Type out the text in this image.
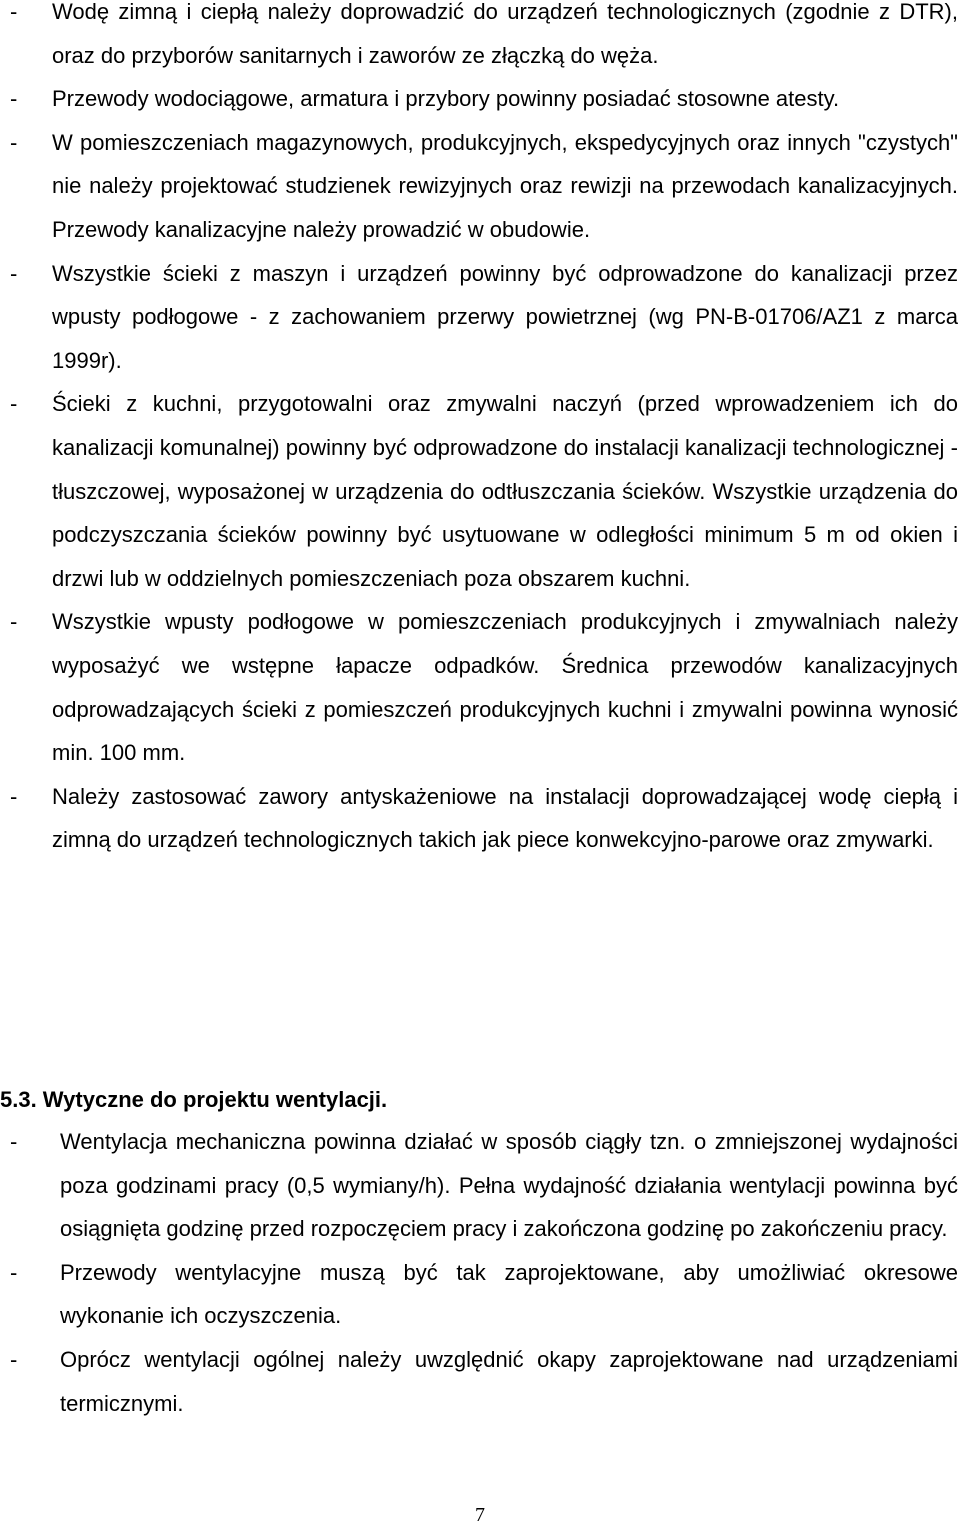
- Wodę zimną i ciepłą należy doprowadzić do urządzeń technologicznych (zgodnie z DTR), oraz do przyborów sanitarnych i zaworów ze złączką do węża.
- Przewody wodociągowe, armatura i przybory powinny posiadać stosowne atesty.
- W pomieszczeniach magazynowych, produkcyjnych, ekspedycyjnych oraz innych "czystych" nie należy projektować studzienek rewizyjnych oraz rewizji na przewodach kanalizacyjnych. Przewody kanalizacyjne należy prowadzić w obudowie.
- Wszystkie ścieki z maszyn i urządzeń powinny być odprowadzone do kanalizacji przez wpusty podłogowe - z zachowaniem przerwy powietrznej (wg PN-B-01706/AZ1 z marca 1999r).
- Ścieki z kuchni, przygotowalni oraz zmywalni naczyń (przed wprowadzeniem ich do kanalizacji komunalnej) powinny być odprowadzone do instalacji kanalizacji technologicznej - tłuszczowej, wyposażonej w urządzenia do odtłuszczania ścieków. Wszystkie urządzenia do podczyszczania ścieków powinny być usytuowane w odległości minimum 5 m od okien i drzwi lub w oddzielnych pomieszczeniach poza obszarem kuchni.
- Wszystkie wpusty podłogowe w pomieszczeniach produkcyjnych i zmywalniach należy wyposażyć we wstępne łapacze odpadków. Średnica przewodów kanalizacyjnych odprowadzających ścieki z pomieszczeń produkcyjnych kuchni i zmywalni powinna wynosić min. 100 mm.
- Należy zastosować zawory antyskażeniowe na instalacji doprowadzającej wodę ciepłą i zimną do urządzeń technologicznych takich jak piece konwekcyjno-parowe oraz zmywarki.
5.3. Wytyczne do projektu wentylacji.
- Wentylacja mechaniczna powinna działać w sposób ciągły tzn. o zmniejszonej wydajności poza godzinami pracy (0,5 wymiany/h). Pełna wydajność działania wentylacji powinna być osiągnięta godzinę przed rozpoczęciem pracy i zakończona godzinę po zakończeniu pracy.
- Przewody wentylacyjne muszą być tak zaprojektowane, aby umożliwiać okresowe wykonanie ich oczyszczenia.
- Oprócz wentylacji ogólnej należy uwzględnić okapy zaprojektowane nad urządzeniami termicznymi.
7
